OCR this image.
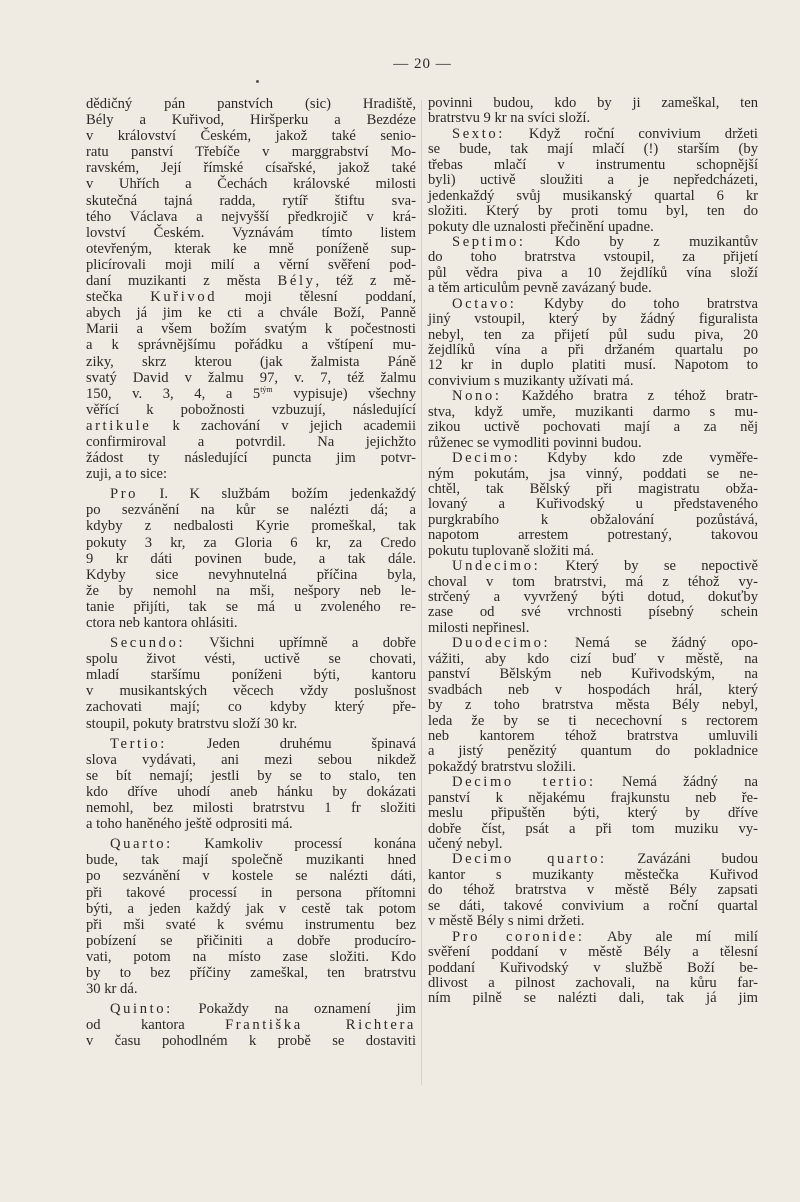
— 20 —
dědičný pán panstvích (sic) Hradiště,
Bély a Kuřivod, Hiršperku a Bezdéze
v království Českém, jakož také senio-
ratu panství Třebíče v marggrabství Mo-
ravském, Její římské císařské, jakož také
v Uhřích a Čechách královské milosti
skutečná tajná radda, rytíř štiftu sva-
tého Václava a nejvyšší předkrojič v krá-
lovství Českém. Vyznávám tímto listem
otevřeným, kterak ke mně poníženě sup-
plicírovali moji milí a věrní svěření pod-
daní muzikanti z města Bély, též z mě-
stečka Kuřivod moji tělesní poddaní,
abych já jim ke cti a chvále Boží, Panně
Marii a všem božím svatým k počestnosti
a k správnějšímu pořádku a vštípení mu-
ziky, skrz kterou (jak žalmista Páně
svatý David v žalmu 97, v. 7, též žalmu
150, v. 3, 4, a $5^{tým}$ vypisuje) všechny
věřící k pobožnosti vzbuzují, následující
artikule k zachování v jejich academii
confirmiroval a potvrdil. Na jejichžto
žádost ty následující puncta jim potvr-
zuji, a to sice:
Pro I. K službám božím jedenkaždý
po sezvánění na kůr se nalézti dá; a
kdyby z nedbalosti Kyrie promeškal, tak
pokuty 3 kr, za Gloria 6 kr, za Credo
9 kr dáti povinen bude, a tak dále.
Kdyby sice nevyhnutelná příčina byla,
že by nemohl na mši, nešpory neb le-
tanie přijíti, tak se má u zvoleného re-
ctora neb kantora ohlásiti.
Secundo: Všichni upřímně a dobře
spolu život vésti, uctivě se chovati,
mladí staršímu poníženi býti, kantoru
v musikantských věcech vždy poslušnost
zachovati mají; co kdyby který pře-
stoupil, pokuty bratrstvu složí 30 kr.
Tertio: Jeden druhému špinavá
slova vydávati, ani mezi sebou nikdež
se bít nemají; jestli by se to stalo, ten
kdo dříve uhodí aneb hánku by dokázati
nemohl, bez milosti bratrstvu 1 fr složiti
a toho haněného ještě odprositi má.
Quarto: Kamkoliv processí konána
bude, tak mají společně muzikanti hned
po sezvánění v kostele se nalézti dáti,
při takové processí in persona přítomni
býti, a jeden každý jak v cestě tak potom
při mši svaté k svému instrumentu bez
pobízení se přičiniti a dobře producíro-
vati, potom na místo zase složiti. Kdo
by to bez příčiny zameškal, ten bratrstvu
30 kr dá.
Quinto: Pokaždy na oznamení jim
od kantora Františka Richtera
v času pohodlném k probě se dostaviti
povinni budou, kdo by ji zameškal, ten
bratrstvu 9 kr na svíci složí.
Sexto: Když roční convivium držeti
se bude, tak mají mlačí (!) starším (by
třebas mlačí v instrumentu schopnější
byli) uctivě sloužiti a je nepředcházeti,
jedenkaždý svůj musikanský quartal 6 kr
složiti. Který by proti tomu byl, ten do
pokuty dle uznalosti přečinění upadne.
Septimo: Kdo by z muzikantův
do toho bratrstva vstoupil, za přijetí
půl vědra piva a 10 žejdlíků vína složí
a těm articulům pevně zavázaný bude.
Octavo: Kdyby do toho bratrstva
jiný vstoupil, který by žádný figuralista
nebyl, ten za přijetí půl sudu piva, 20
žejdlíků vína a při držaném quartalu po
12 kr in duplo platiti musí. Napotom to
convivium s muzikanty užívati má.
Nono: Každého bratra z téhož bratr-
stva, když umře, muzikanti darmo s mu-
zikou uctivě pochovati mají a za něj
růženec se vymodliti povinni budou.
Decimo: Kdyby kdo zde vyměře-
ným pokutám, jsa vinný, poddati se ne-
chtěl, tak Bělský při magistratu obža-
lovaný a Kuřivodský u představeného
purgkrabího k obžalování pozůstává,
napotom arrestem potrestaný, takovou
pokutu tuplovaně složiti má.
Undecimo: Který by se nepoctivě
choval v tom bratrstvi, má z téhož vy-
strčený a vyvržený býti dotud, dokuťby
zase od své vrchnosti písebný schein
milosti nepřinesl.
Duodecimo: Nemá se žádný opo-
vážiti, aby kdo cizí buď v městě, na
panství Bělským neb Kuřivodským, na
svadbách neb v hospodách hrál, který
by z toho bratrstva města Bély nebyl,
leda že by se ti necechovní s rectorem
neb kantorem téhož bratrstva umluvili
a jistý penězitý quantum do pokladnice
pokaždý bratrstvu složili.
Decimo tertio: Nemá žádný na
panství k nějakému frajkunstu neb ře-
meslu připuštěn býti, který by dříve
dobře číst, psát a při tom muziku vy-
učený nebyl.
Decimo quarto: Zavázáni budou
kantor s muzikanty městečka Kuřivod
do téhož bratrstva v městě Bély zapsati
se dáti, takové convivium a roční quartal
v městě Bély s nimi držeti.
Pro coronide: Aby ale mí milí
svěření poddaní v městě Bély a tělesní
poddaní Kuřivodský v službě Boží be-
dlivost a pilnost zachovali, na kůru far-
ním pilně se nalézti dali, tak já jim
